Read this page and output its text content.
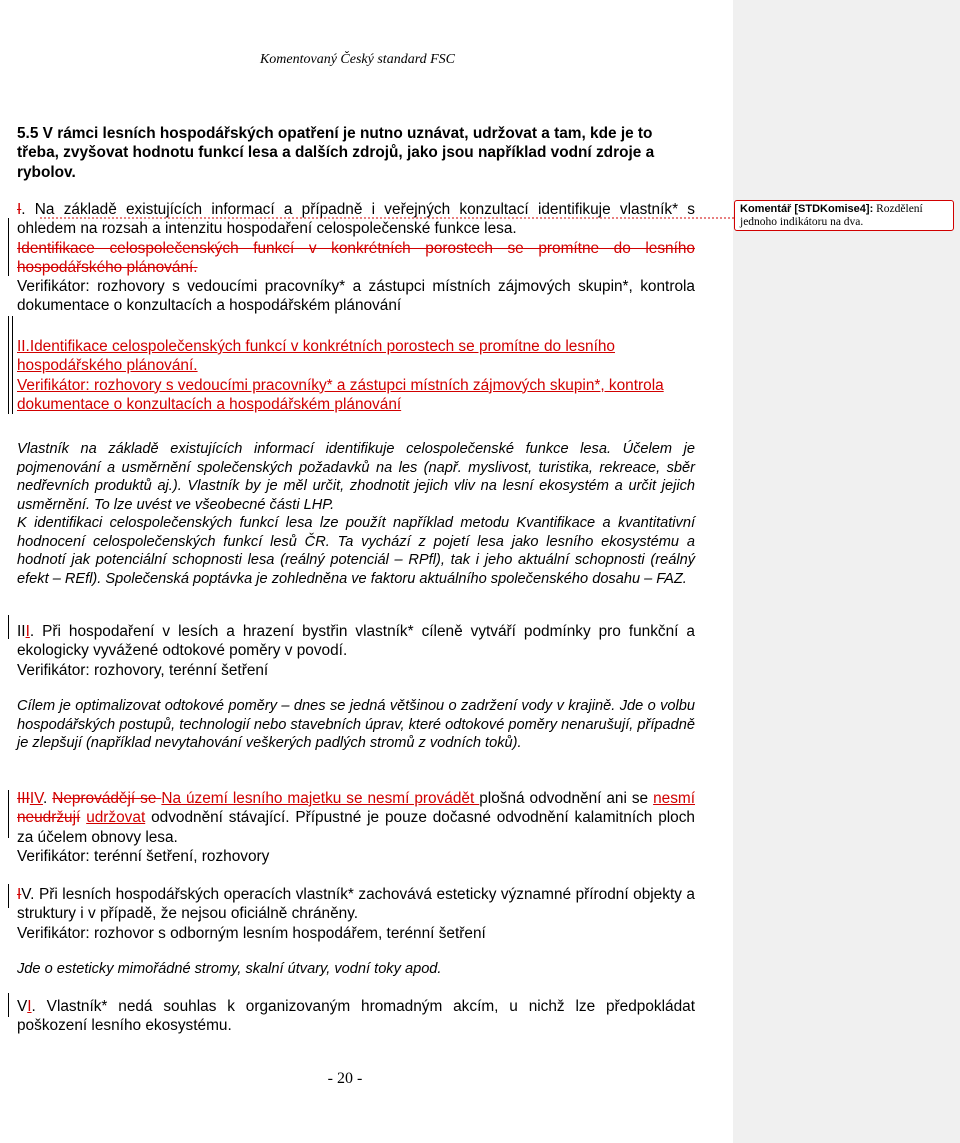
Komentovaný Český standard FSC
5.5 V rámci lesních hospodářských opatření je nutno uznávat, udržovat a tam, kde je to třeba, zvyšovat hodnotu funkcí lesa a dalších zdrojů, jako jsou například vodní zdroje a rybolov.
I. Na základě existujících informací a případně i veřejných konzultací identifikuje vlastník* s ohledem na rozsah a intenzitu hospodaření celospolečenské funkce lesa.
Identifikace celospolečenských funkcí v konkrétních porostech se promítne do lesního hospodářského plánování.
Verifikátor: rozhovory s vedoucími pracovníky* a zástupci místních zájmových skupin*, kontrola dokumentace o konzultacích a hospodářském plánování
II.Identifikace celospolečenských funkcí v konkrétních porostech se promítne do lesního hospodářského plánování.
Verifikátor: rozhovory s vedoucími pracovníky* a zástupci místních zájmových skupin*, kontrola dokumentace o konzultacích a hospodářském plánování
Vlastník na základě existujících informací identifikuje celospolečenské funkce lesa. Účelem je pojmenování a usměrnění společenských požadavků na les (např. myslivost, turistika, rekreace, sběr nedřevních produktů aj.). Vlastník by je měl určit, zhodnotit jejich vliv na lesní ekosystém a určit jejich usměrnění. To lze uvést ve všeobecné části LHP.
K identifikaci celospolečenských funkcí lesa lze použít například metodu Kvantifikace a kvantitativní hodnocení celospolečenských funkcí lesů ČR. Ta vychází z pojetí lesa jako lesního ekosystému a hodnotí jak potenciální schopnosti lesa (reálný potenciál – RPfl), tak i jeho aktuální schopnosti (reálný efekt – REfl). Společenská poptávka je zohledněna ve faktoru aktuálního společenského dosahu – FAZ.
III. Při hospodaření v lesích a hrazení bystřin vlastník* cíleně vytváří podmínky pro funkční a ekologicky vyvážené odtokové poměry v povodí.
Verifikátor: rozhovory, terénní šetření
Cílem je optimalizovat odtokové poměry – dnes se jedná většinou o zadržení vody v krajině. Jde o volbu hospodářských postupů, technologií nebo stavebních úprav, které odtokové poměry nenarušují, případně je zlepšují (například nevytahování veškerých padlých stromů z vodních toků).
IIIIV. Neprovádějí se Na území lesního majetku se nesmí provádět plošná odvodnění ani se nesmí neudržují udržovat odvodnění stávající. Přípustné je pouze dočasné odvodnění kalamitních ploch za účelem obnovy lesa.
Verifikátor: terénní šetření, rozhovory
IV. Při lesních hospodářských operacích vlastník* zachovává esteticky významné přírodní objekty a struktury i v případě, že nejsou oficiálně chráněny.
Verifikátor: rozhovor s odborným lesním hospodářem, terénní šetření
Jde o esteticky mimořádné stromy, skalní útvary, vodní toky apod.
VI. Vlastník* nedá souhlas k organizovaným hromadným akcím, u nichž lze předpokládat poškození lesního ekosystému.
Komentář [STDKomise4]: Rozdělení jednoho indikátoru na dva.
- 20 -
